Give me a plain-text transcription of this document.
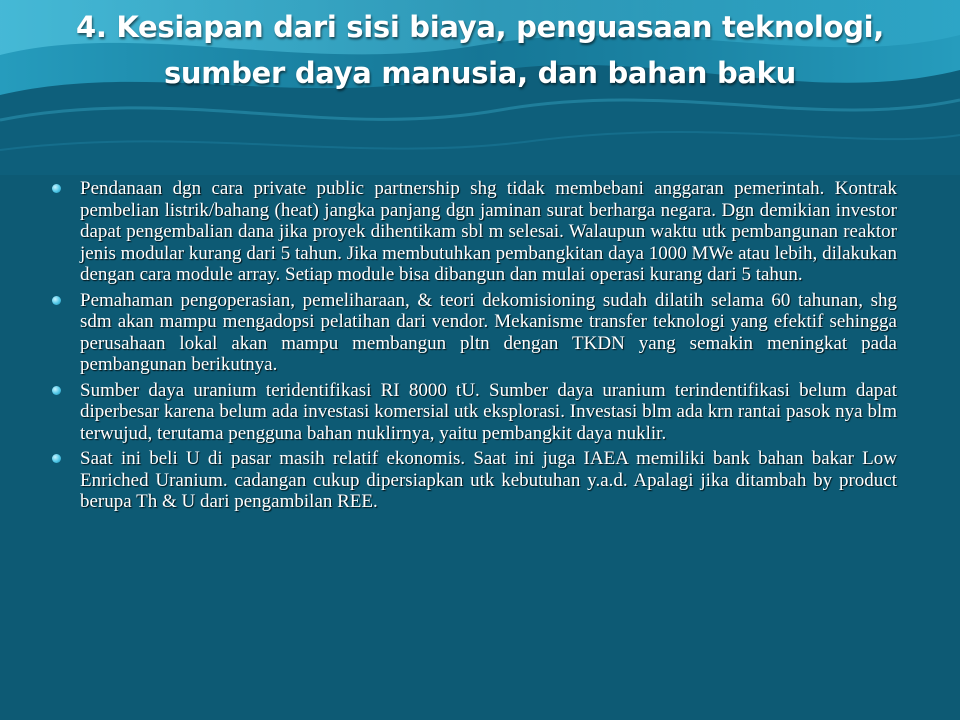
4. Kesiapan dari sisi biaya, penguasaan teknologi, sumber daya manusia, dan bahan baku
Pendanaan dgn cara private public partnership shg tidak membebani anggaran pemerintah. Kontrak pembelian listrik/bahang (heat) jangka panjang dgn jaminan surat berharga negara. Dgn demikian investor dapat pengembalian dana jika proyek dihentikam sbl m selesai. Walaupun waktu utk pembangunan reaktor jenis modular kurang dari 5 tahun. Jika membutuhkan pembangkitan daya 1000 MWe atau lebih, dilakukan dengan cara module array. Setiap module bisa dibangun dan mulai operasi kurang dari 5 tahun.
Pemahaman pengoperasian, pemeliharaan, & teori dekomisioning sudah dilatih selama 60 tahunan, shg sdm akan mampu mengadopsi pelatihan dari vendor. Mekanisme transfer teknologi yang efektif sehingga perusahaan lokal akan mampu membangun pltn dengan TKDN yang semakin meningkat pada pembangunan berikutnya.
Sumber daya uranium teridentifikasi RI 8000 tU. Sumber daya uranium terindentifikasi belum dapat diperbesar karena belum ada investasi komersial utk eksplorasi. Investasi blm ada krn rantai pasok nya blm terwujud, terutama pengguna bahan nuklirnya, yaitu pembangkit daya nuklir.
Saat ini beli U di pasar masih relatif ekonomis. Saat ini juga IAEA memiliki bank bahan bakar Low Enriched Uranium. cadangan cukup dipersiapkan utk kebutuhan y.a.d. Apalagi jika ditambah by product berupa Th & U dari pengambilan REE.
